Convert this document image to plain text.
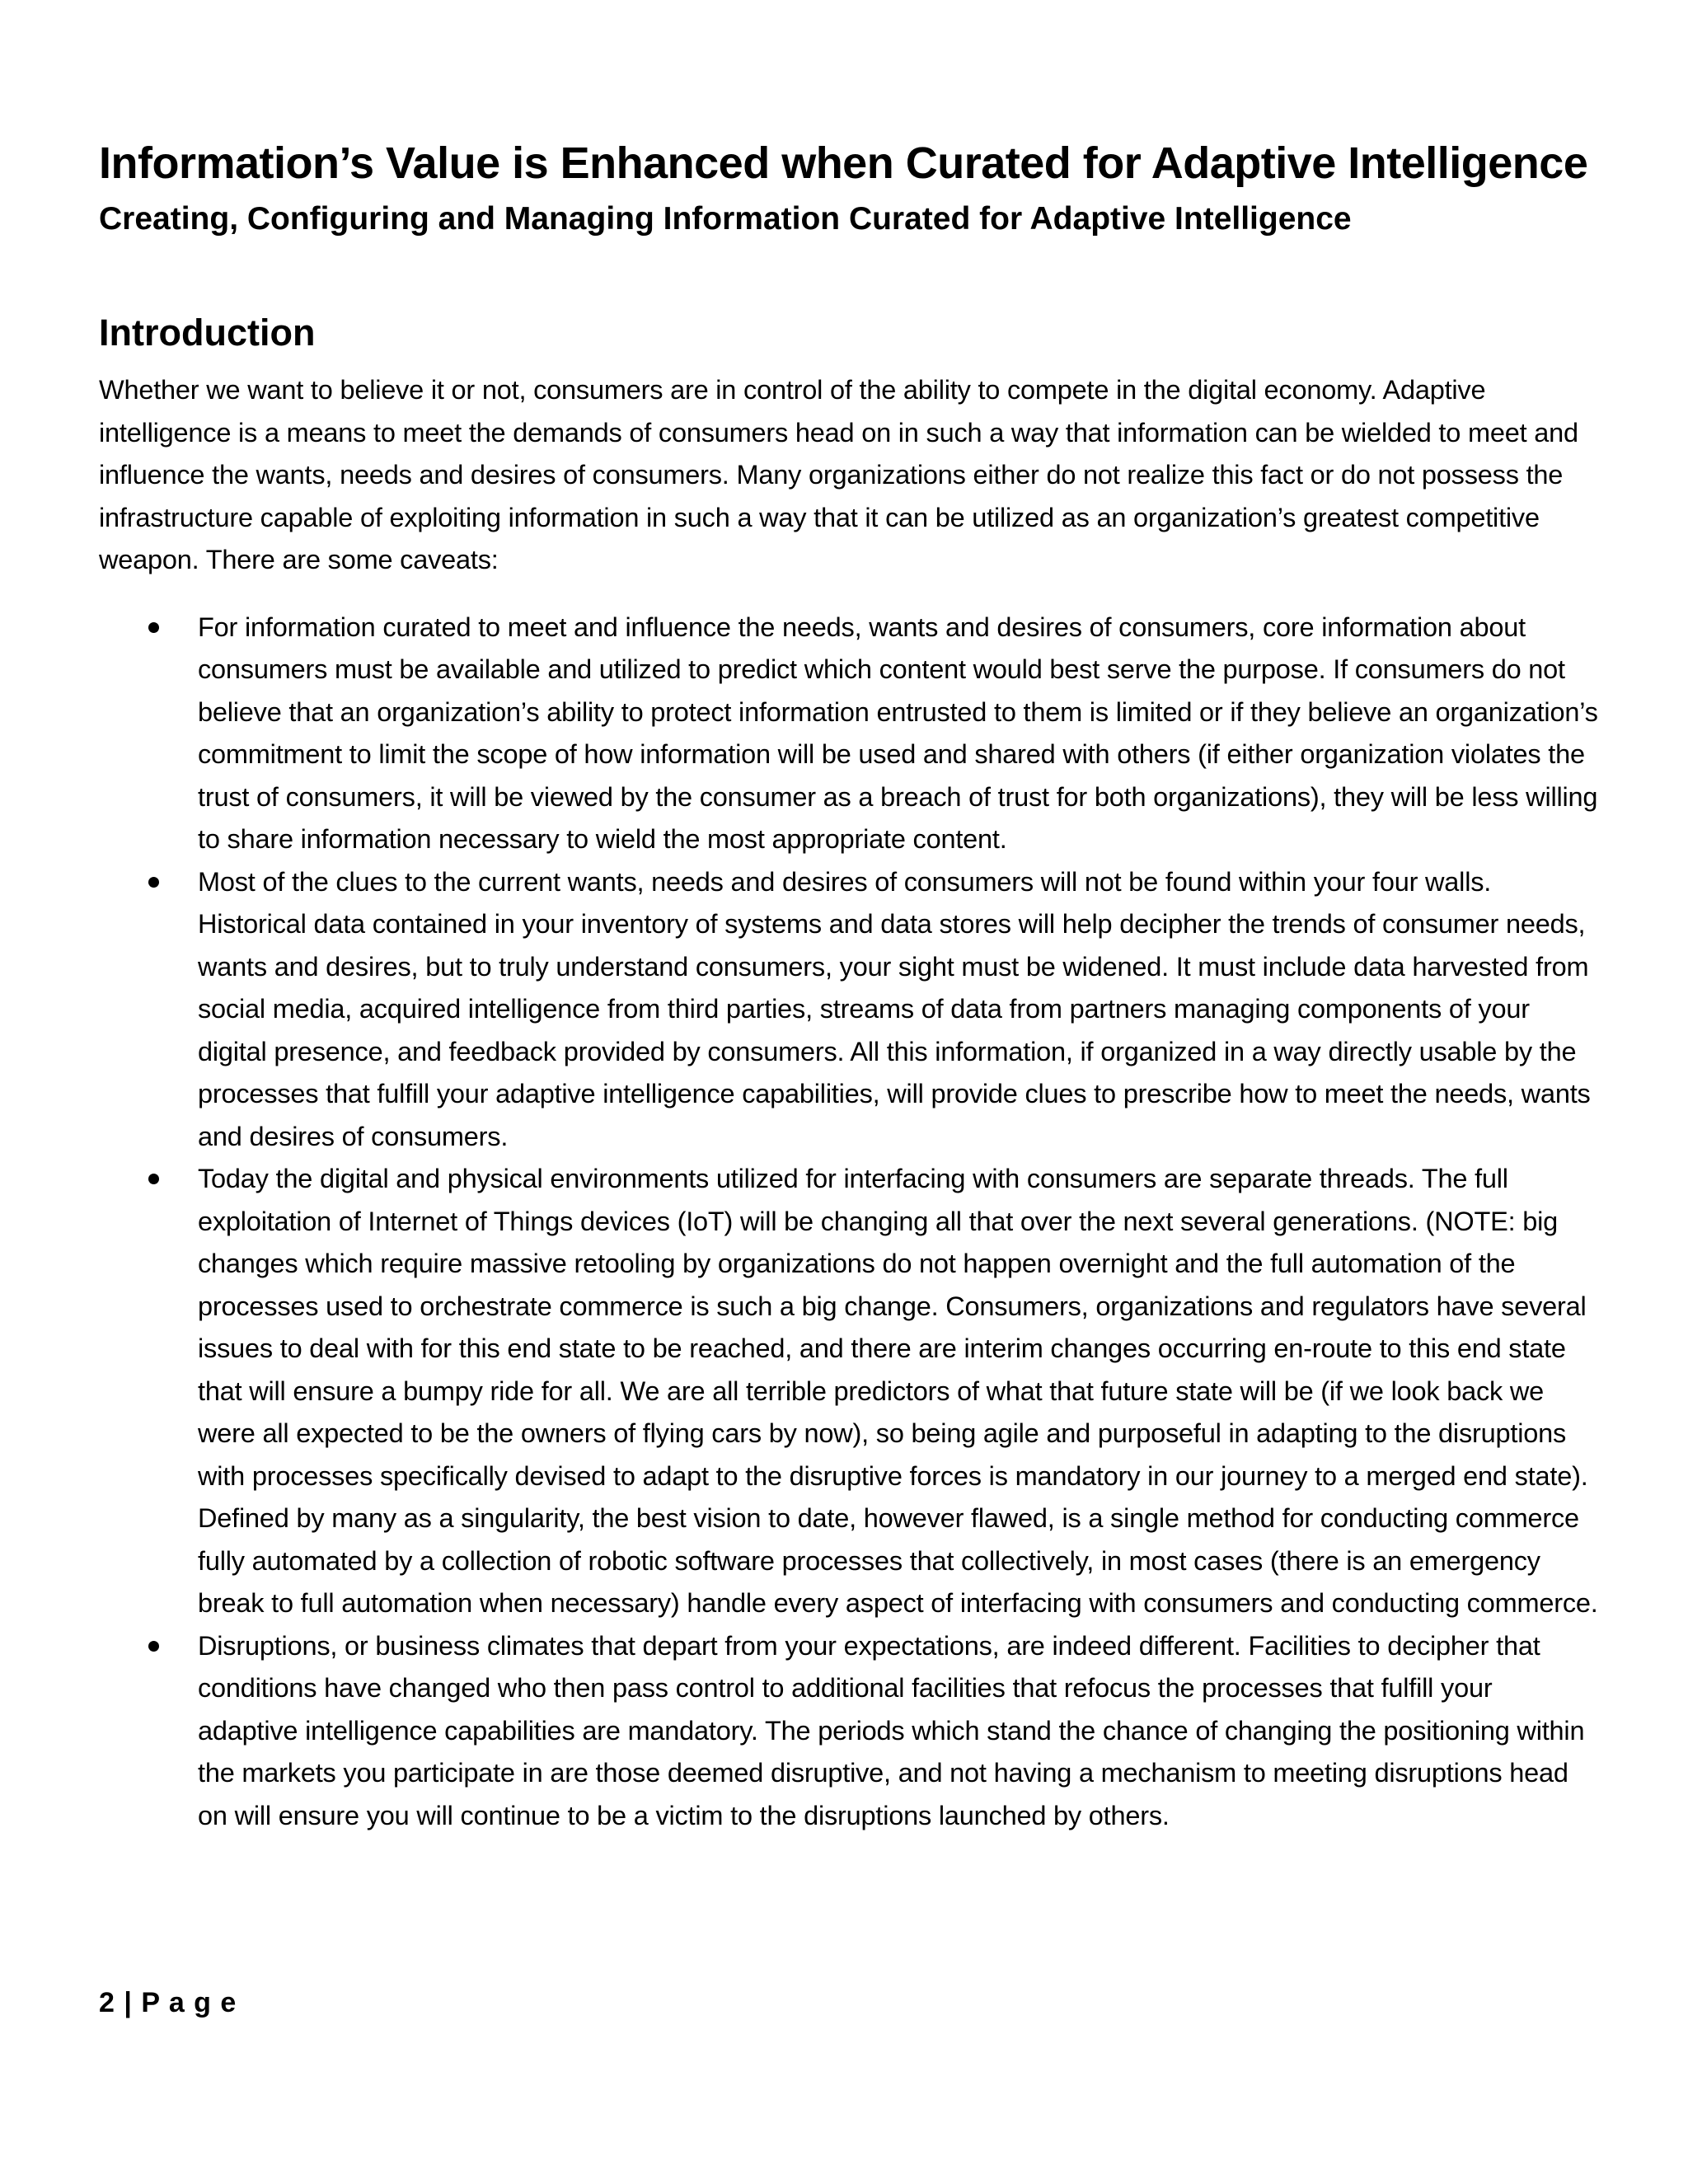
Information’s Value is Enhanced when Curated for Adaptive Intelligence
Creating, Configuring and Managing Information Curated for Adaptive Intelligence
Introduction

Whether we want to believe it or not, consumers are in control of the ability to compete in the digital economy. Adaptive intelligence is a means to meet the demands of consumers head on in such a way that information can be wielded to meet and influence the wants, needs and desires of consumers. Many organizations either do not realize this fact or do not possess the infrastructure capable of exploiting information in such a way that it can be utilized as an organization’s greatest competitive weapon. There are some caveats:

For information curated to meet and influence the needs, wants and desires of consumers, core information about consumers must be available and utilized to predict which content would best serve the purpose. If consumers do not believe that an organization’s ability to protect information entrusted to them is limited or if they believe an organization’s commitment to limit the scope of how information will be used and shared with others (if either organization violates the trust of consumers, it will be viewed by the consumer as a breach of trust for both organizations), they will be less willing to share information necessary to wield the most appropriate content.
Most of the clues to the current wants, needs and desires of consumers will not be found within your four walls. Historical data contained in your inventory of systems and data stores will help decipher the trends of consumer needs, wants and desires, but to truly understand consumers, your sight must be widened. It must include data harvested from social media, acquired intelligence from third parties, streams of data from partners managing components of your digital presence, and feedback provided by consumers. All this information, if organized in a way directly usable by the processes that fulfill your adaptive intelligence capabilities, will provide clues to prescribe how to meet the needs, wants and desires of consumers.
Today the digital and physical environments utilized for interfacing with consumers are separate threads. The full exploitation of Internet of Things devices (IoT) will be changing all that over the next several generations. (NOTE: big changes which require massive retooling by organizations do not happen overnight and the full automation of the processes used to orchestrate commerce is such a big change. Consumers, organizations and regulators have several issues to deal with for this end state to be reached, and there are interim changes occurring en-route to this end state that will ensure a bumpy ride for all. We are all terrible predictors of what that future state will be (if we look back we were all expected to be the owners of flying cars by now), so being agile and purposeful in adapting to the disruptions with processes specifically devised to adapt to the disruptive forces is mandatory in our journey to a merged end state). Defined by many as a singularity, the best vision to date, however flawed, is a single method for conducting commerce fully automated by a collection of robotic software processes that collectively, in most cases (there is an emergency break to full automation when necessary) handle every aspect of interfacing with consumers and conducting commerce.
Disruptions, or business climates that depart from your expectations, are indeed different. Facilities to decipher that conditions have changed who then pass control to additional facilities that refocus the processes that fulfill your adaptive intelligence capabilities are mandatory. The periods which stand the chance of changing the positioning within the markets you participate in are those deemed disruptive, and not having a mechanism to meeting disruptions head on will ensure you will continue to be a victim to the disruptions launched by others.
2 | P a g e
